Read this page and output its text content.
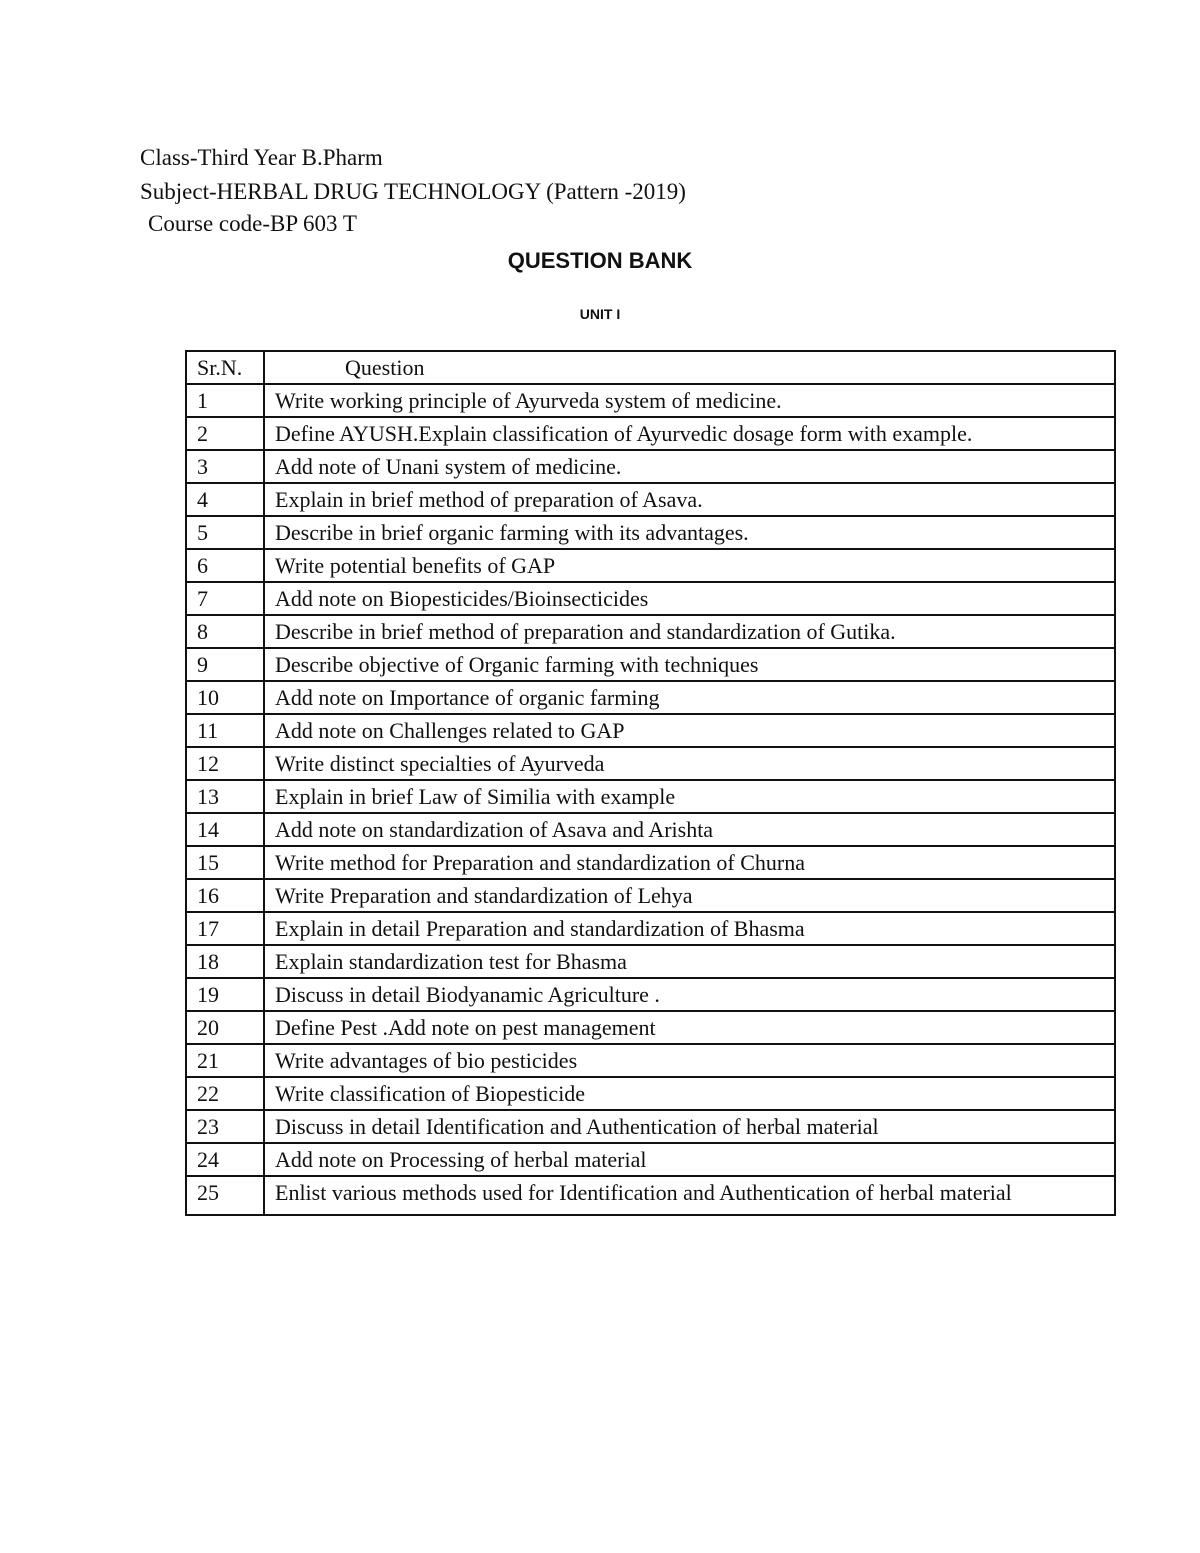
Class-Third Year B.Pharm
Subject-HERBAL DRUG TECHNOLOGY (Pattern -2019)
Course code-BP 603 T
QUESTION BANK
UNIT I
Sr.N.	Question
1	Write working principle of Ayurveda system of medicine.
2	Define AYUSH.Explain classification of Ayurvedic dosage form with example.
3	Add note of Unani system of medicine.
4	Explain in brief method of preparation of Asava.
5	Describe in brief organic farming with its advantages.
6	Write potential benefits of GAP
7	Add note on Biopesticides/Bioinsecticides
8	Describe in brief method of preparation and standardization of Gutika.
9	Describe objective of Organic farming with techniques
10	Add note on Importance of organic farming
11	Add note on Challenges related to GAP
12	Write distinct specialties of Ayurveda
13	Explain in brief Law of Similia with example
14	Add note on standardization of Asava and Arishta
15	Write method for Preparation and standardization of Churna
16	Write Preparation and standardization of Lehya
17	Explain in detail Preparation and standardization of Bhasma
18	Explain standardization test for Bhasma
19	Discuss in detail Biodyanamic Agriculture .
20	Define Pest .Add note on pest management
21	Write advantages of bio pesticides
22	Write classification of Biopesticide
23	Discuss in detail Identification and Authentication of herbal material
24	Add note on Processing of herbal material
25	Enlist various methods used for Identification and Authentication of herbal material
